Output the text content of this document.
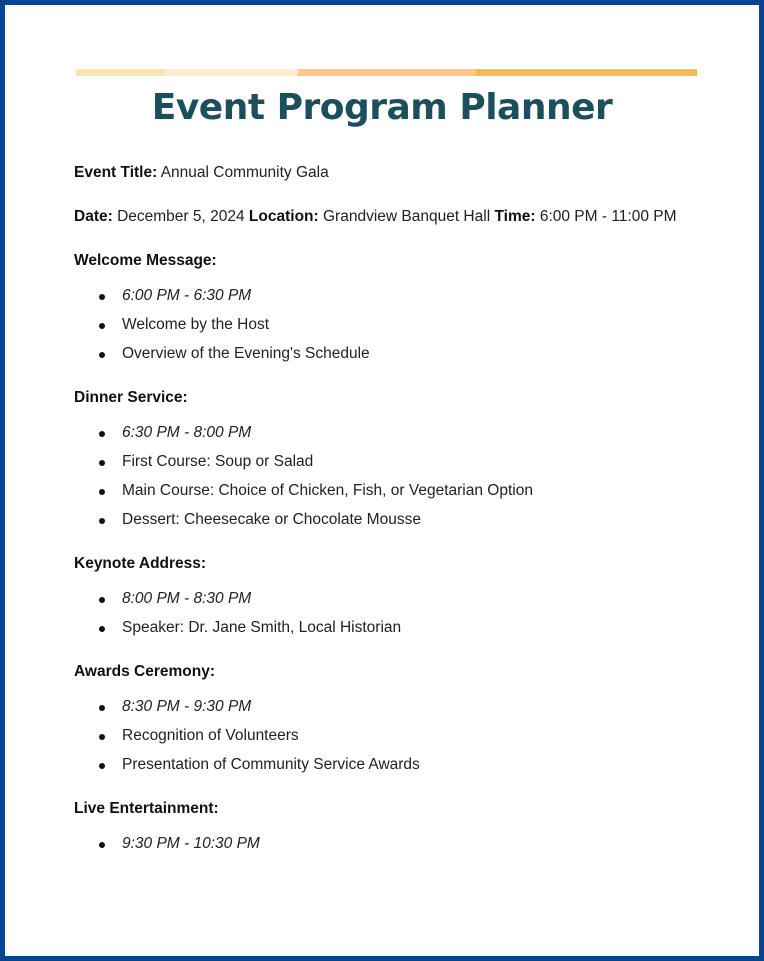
Event Program Planner

Event Title: Annual Community Gala

Date: December 5, 2024 Location: Grandview Banquet Hall Time: 6:00 PM - 11:00 PM

Welcome Message:

6:00 PM - 6:30 PM
Welcome by the Host
Overview of the Evening's Schedule

Dinner Service:

6:30 PM - 8:00 PM
First Course: Soup or Salad
Main Course: Choice of Chicken, Fish, or Vegetarian Option
Dessert: Cheesecake or Chocolate Mousse

Keynote Address:

8:00 PM - 8:30 PM
Speaker: Dr. Jane Smith, Local Historian

Awards Ceremony:

8:30 PM - 9:30 PM
Recognition of Volunteers
Presentation of Community Service Awards

Live Entertainment:

9:30 PM - 10:30 PM
